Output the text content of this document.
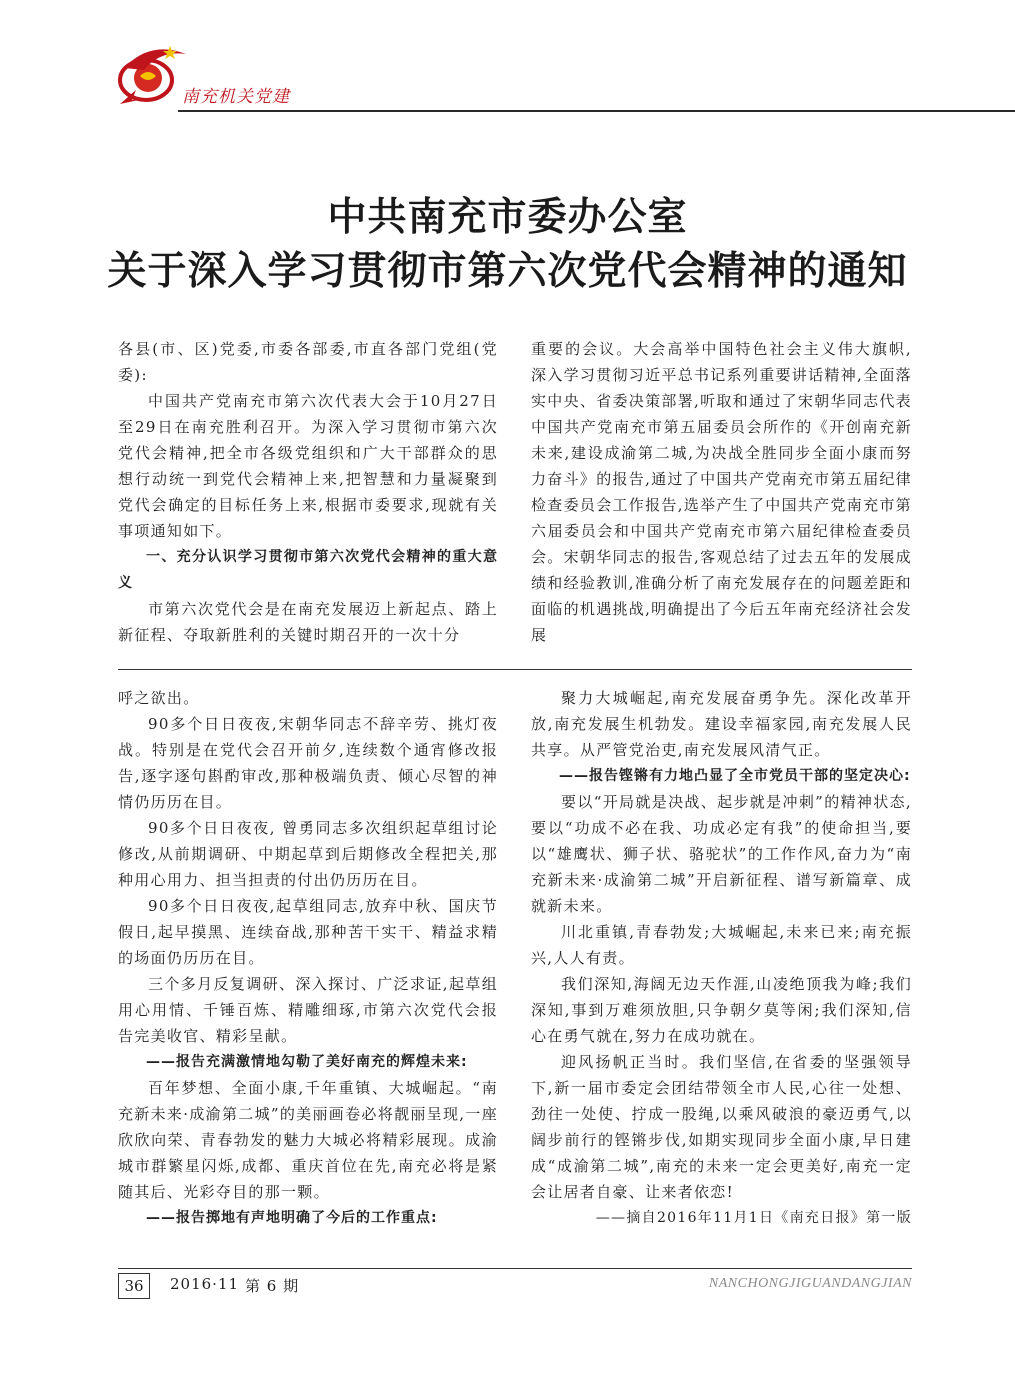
南充机关党建
中共南充市委办公室
关于深入学习贯彻市第六次党代会精神的通知

各县(市、区)党委,市委各部委,市直各部门党组(党委):

中国共产党南充市第六次代表大会于10月27日至29日在南充胜利召开。为深入学习贯彻市第六次党代会精神,把全市各级党组织和广大干部群众的思想行动统一到党代会精神上来,把智慧和力量凝聚到党代会确定的目标任务上来,根据市委要求,现就有关事项通知如下。

一、充分认识学习贯彻市第六次党代会精神的重大意义

市第六次党代会是在南充发展迈上新起点、踏上新征程、夺取新胜利的关键时期召开的一次十分

重要的会议。大会高举中国特色社会主义伟大旗帜, 深入学习贯彻习近平总书记系列重要讲话精神,全面落实中央、省委决策部署,听取和通过了宋朝华同志代表中国共产党南充市第五届委员会所作的《开创南充新未来,建设成渝第二城,为决战全胜同步全面小康而努力奋斗》的报告,通过了中国共产党南充市第五届纪律检查委员会工作报告,选举产生了中国共产党南充市第六届委员会和中国共产党南充市第六届纪律检查委员会。宋朝华同志的报告,客观总结了过去五年的发展成绩和经验教训,准确分析了南充发展存在的问题差距和面临的机遇挑战,明确提出了今后五年南充经济社会发展

呼之欲出。

90多个日日夜夜,宋朝华同志不辞辛劳、挑灯夜战。特别是在党代会召开前夕,连续数个通宵修改报告,逐字逐句斟酌审改,那种极端负责、倾心尽智的神情仍历历在目。

90多个日日夜夜, 曾勇同志多次组织起草组讨论修改,从前期调研、中期起草到后期修改全程把关,那种用心用力、担当担责的付出仍历历在目。

90多个日日夜夜,起草组同志,放弃中秋、国庆节假日,起早摸黑、连续奋战,那种苦干实干、精益求精的场面仍历历在目。

三个多月反复调研、深入探讨、广泛求证,起草组用心用情、千锤百炼、精雕细琢,市第六次党代会报告完美收官、精彩呈献。

——报告充满激情地勾勒了美好南充的辉煌未来:

百年梦想、全面小康,千年重镇、大城崛起。“南充新未来·成渝第二城”的美丽画卷必将靓丽呈现,一座欣欣向荣、青春勃发的魅力大城必将精彩展现。成渝城市群繁星闪烁,成都、重庆首位在先,南充必将是紧随其后、光彩夺目的那一颗。

——报告掷地有声地明确了今后的工作重点:

聚力大城崛起,南充发展奋勇争先。深化改革开放,南充发展生机勃发。建设幸福家园,南充发展人民共享。从严管党治吏,南充发展风清气正。

——报告铿锵有力地凸显了全市党员干部的坚定决心:

要以“开局就是决战、起步就是冲刺”的精神状态,要以“功成不必在我、功成必定有我”的使命担当,要以“雄鹰状、狮子状、骆驼状”的工作作风,奋力为“南充新未来·成渝第二城”开启新征程、谱写新篇章、成就新未来。

川北重镇,青春勃发;大城崛起,未来已来;南充振兴,人人有责。

我们深知,海阔无边天作涯,山凌绝顶我为峰;我们深知,事到万难须放胆,只争朝夕莫等闲;我们深知,信心在勇气就在,努力在成功就在。

迎风扬帆正当时。我们坚信,在省委的坚强领导下,新一届市委定会团结带领全市人民,心往一处想、劲往一处使、拧成一股绳,以乘风破浪的豪迈勇气,以阔步前行的铿锵步伐,如期实现同步全面小康,早日建成“成渝第二城”,南充的未来一定会更美好,南充一定会让居者自豪、让来者依恋!

——摘自2016年11月1日《南充日报》第一版

36	2016·11 第 6 期	NANCHONGJIGUANDANGJIAN
